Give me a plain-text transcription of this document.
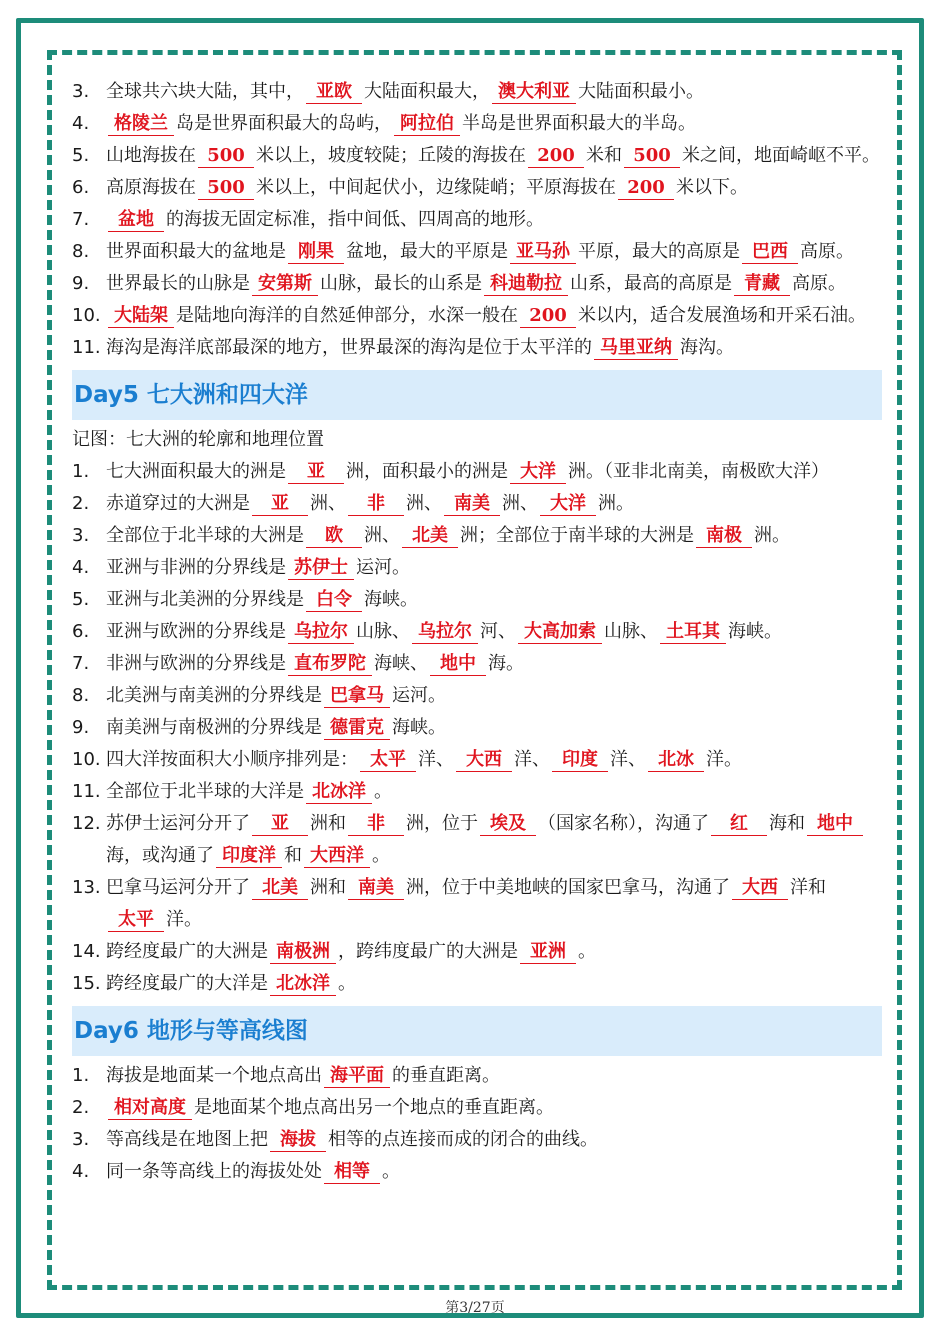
3. 全球共六块大陆，其中， 亚欧 大陆面积最大， 澳大利亚 大陆面积最小。
4.	格陵兰 岛是世界面积最大的岛屿， 阿拉伯 半岛是世界面积最大的半岛。
5. 山地海拔在 500 米以上，坡度较陡；丘陵的海拔在 200 米和 500 米之间，地面崎岖不平。
6. 高原海拔在 500 米以上，中间起伏小，边缘陡峭；平原海拔在 200 米以下。
7.	盆地 的海拔无固定标准，指中间低、四周高的地形。
8. 世界面积最大的盆地是 刚果 盆地，最大的平原是 亚马孙 平原，最大的高原是 巴西 高原。
9. 世界最长的山脉是 安第斯 山脉，最长的山系是 科迪勒拉 山系，最高的高原是 青藏 高原。
10. 大陆架 是陆地向海洋的自然延伸部分，水深一般在 200 米以内，适合发展渔场和开采石油。
11. 海沟是海洋底部最深的地方，世界最深的海沟是位于太平洋的 马里亚纳 海沟。
Day5 七大洲和四大洋
记图：七大洲的轮廓和地理位置
1. 七大洲面积最大的洲是 亚 洲，面积最小的洲是 大洋 洲。（亚非北南美，南极欧大洋）
2. 赤道穿过的大洲是 亚 洲、 非 洲、 南美 洲、 大洋 洲。
3. 全部位于北半球的大洲是 欧 洲、 北美 洲；全部位于南半球的大洲是 南极 洲。
4. 亚洲与非洲的分界线是 苏伊士 运河。
5. 亚洲与北美洲的分界线是 白令 海峡。
6. 亚洲与欧洲的分界线是 乌拉尔 山脉、 乌拉尔 河、 大高加索 山脉、 土耳其 海峡。
7. 非洲与欧洲的分界线是 直布罗陀 海峡、 地中 海。
8. 北美洲与南美洲的分界线是 巴拿马 运河。
9. 南美洲与南极洲的分界线是 德雷克 海峡。
10. 四大洋按面积大小顺序排列是： 太平 洋、 大西 洋、 印度 洋、 北冰 洋。
11. 全部位于北半球的大洋是 北冰洋 。
12. 苏伊士运河分开了 亚 洲和 非 洲，位于 埃及 （国家名称），沟通了 红 海和 地中海，或沟通了 印度洋 和 大西洋 。
13. 巴拿马运河分开了 北美 洲和 南美 洲，位于中美地峡的国家巴拿马，沟通了 大西 洋和太平 洋。
14. 跨经度最广的大洲是 南极洲 ，跨纬度最广的大洲是 亚洲 。
15. 跨经度最广的大洋是 北冰洋 。
Day6 地形与等高线图
1. 海拔是地面某一个地点高出 海平面 的垂直距离。
2.	相对高度 是地面某个地点高出另一个地点的垂直距离。
3. 等高线是在地图上把 海拔 相等的点连接而成的闭合的曲线。
4. 同一条等高线上的海拔处处 相等 。
第3/27页
